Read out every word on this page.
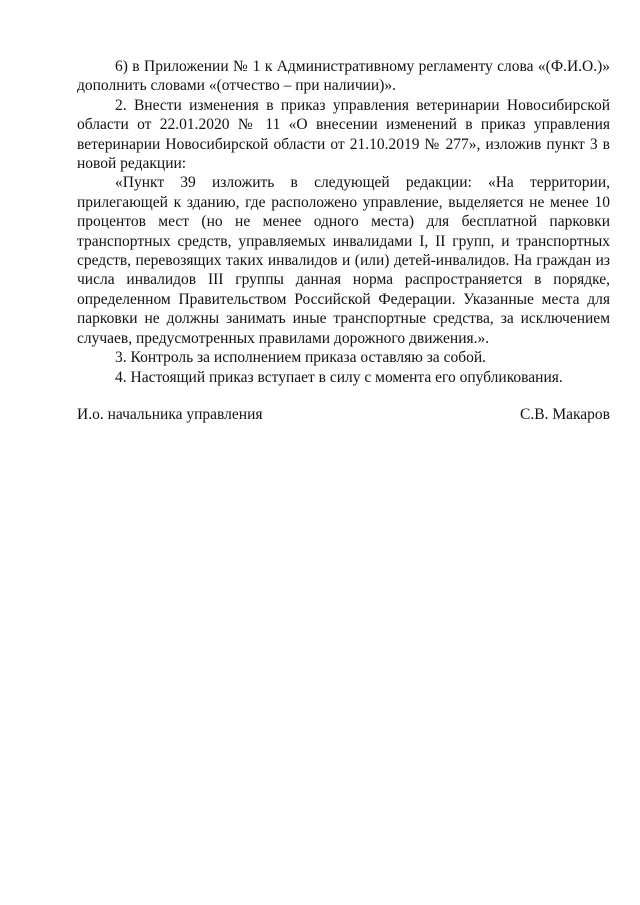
6) в Приложении № 1 к Административному регламенту слова «(Ф.И.О.)» дополнить словами «(отчество – при наличии)».

2. Внести изменения в приказ управления ветеринарии Новосибирской области от 22.01.2020 № 11 «О внесении изменений в приказ управления ветеринарии Новосибирской области от 21.10.2019 № 277», изложив пункт 3 в новой редакции:

«Пункт 39 изложить в следующей редакции: «На территории, прилегающей к зданию, где расположено управление, выделяется не менее 10 процентов мест (но не менее одного места) для бесплатной парковки транспортных средств, управляемых инвалидами I, II групп, и транспортных средств, перевозящих таких инвалидов и (или) детей-инвалидов. На граждан из числа инвалидов III группы данная норма распространяется в порядке, определенном Правительством Российской Федерации. Указанные места для парковки не должны занимать иные транспортные средства, за исключением случаев, предусмотренных правилами дорожного движения.».

3. Контроль за исполнением приказа оставляю за собой.

4. Настоящий приказ вступает в силу с момента его опубликования.

И.о. начальника управления	С.В. Макаров
